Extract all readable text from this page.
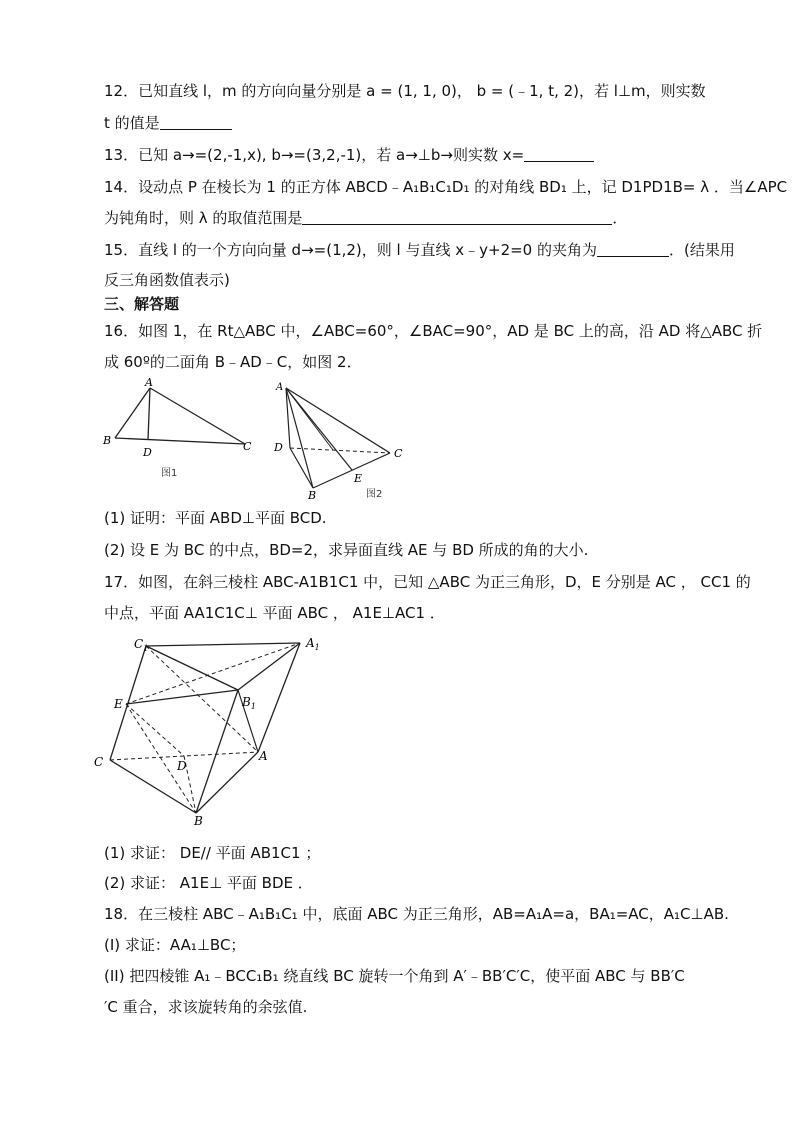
12．已知直线 l，m 的方向向量分别是 a = (1, 1, 0)， b = (﹣1, t, 2)，若 l⊥m，则实数
t 的值是
13．已知 a→=(2,-1,x), b→=(3,2,-1)，若 a→⊥b→则实数 x=
14．设动点 P 在棱长为 1 的正方体 ABCD﹣A₁B₁C₁D₁ 的对角线 BD₁ 上，记 D1PD1B= λ ．当∠APC
为钝角时，则 λ 的取值范围是	．
15．直线 l 的一个方向向量 d→=(1,2)，则 l 与直线 x﹣y+2=0 的夹角为	．(结果用
反三角函数值表示)
三、解答题
16．如图 1，在 Rt△ABC 中，∠ABC=60°，∠BAC=90°，AD 是 BC 上的高，沿 AD 将△ABC 折
成 60º的二面角 B﹣AD﹣C，如图 2．
A
B
D	C
图1
A
D
B
C
E
图2
(1) 证明：平面 ABD⊥平面 BCD.
(2) 设 E 为 BC 的中点，BD=2，求异面直线 AE 与 BD 所成的角的大小.
17．如图，在斜三棱柱 ABC-A1B1C1 中，已知 △ABC 为正三角形，D，E 分别是 AC ， CC1 的
中点，平面 AA1C1C⊥ 平面 ABC ， A1E⊥AC1 ．
$C_1$	$A_1$
$B_1$
E
C	D
A
B
(1) 求证： DE// 平面 AB1C1 ；
(2) 求证： A1E⊥ 平面 BDE ．
18．在三棱柱 ABC﹣A₁B₁C₁ 中，底面 ABC 为正三角形，AB=A₁A=a，BA₁=AC，A₁C⊥AB.
(I) 求证：AA₁⊥BC；
(II) 把四棱锥 A₁﹣BCC₁B₁ 绕直线 BC 旋转一个角到 A′﹣BB′C′C，使平面 ABC 与 BB′C
′C 重合，求该旋转角的余弦值.
